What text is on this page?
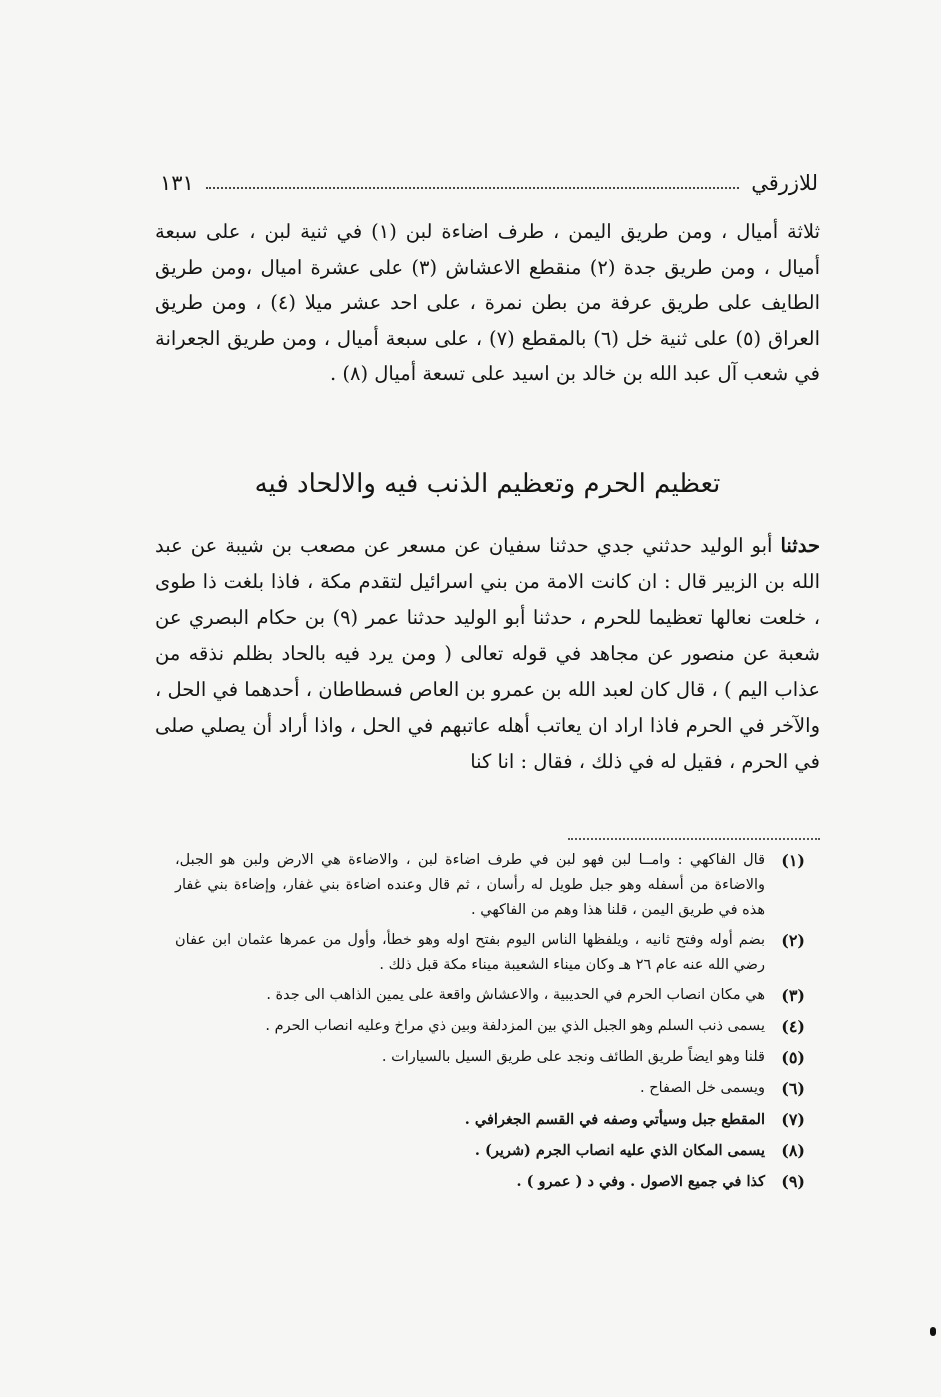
للازرقي
١٣١
ثلاثة أميال ، ومن طريق اليمن ، طرف اضاءة لبن (١) في ثنية لبن ، على سبعة أميال ، ومن طريق جدة (٢) منقطع الاعشاش (٣) على عشرة اميال ،ومن طريق الطايف على طريق عرفة من بطن نمرة ، على احد عشر ميلا (٤) ، ومن طريق العراق (٥) على ثنية خل (٦) بالمقطع (٧) ، على سبعة أميال ، ومن طريق الجعرانة في شعب آل عبد الله بن خالد بن اسيد على تسعة أميال (٨) .
تعظيم الحرم وتعظيم الذنب فيه والالحاد فيه
حدثنا أبو الوليد حدثني جدي حدثنا سفيان عن مسعر عن مصعب بن شيبة عن عبد الله بن الزبير قال : ان كانت الامة من بني اسرائيل لتقدم مكة ، فاذا بلغت ذا طوى ، خلعت نعالها تعظيما للحرم ، حدثنا أبو الوليد حدثنا عمر (٩) بن حكام البصري عن شعبة عن منصور عن مجاهد في قوله تعالى ( ومن يرد فيه بالحاد بظلم نذقه من عذاب اليم ) ، قال كان لعبد الله بن عمرو بن العاص فسطاطان ، أحدهما في الحل ، والآخر في الحرم فاذا اراد ان يعاتب أهله عاتبهم في الحل ، واذا أراد أن يصلي صلى في الحرم ، فقيل له في ذلك ، فقال : انا كنا
(١)
قال الفاكهي : وامــا لبن فهو لبن في طرف اضاءة لبن ، والاضاءة هي الارض ولبن هو الجبل، والاضاءة من أسفله وهو جبل طويل له رأسان ، ثم قال وعنده اضاءة بني غفار، وإضاءة بني غفار هذه في طريق اليمن ، قلنا هذا وهم من الفاكهي .
(٢)
بضم أوله وفتح ثانيه ، ويلفظها الناس اليوم بفتح اوله وهو خطأ، وأول من عمرها عثمان ابن عفان رضي الله عنه عام ٢٦ هـ وكان ميناء الشعيبة ميناء مكة قبل ذلك .
(٣)
هي مكان انصاب الحرم في الحديبية ، والاعشاش واقعة على يمين الذاهب الى جدة .
(٤)
يسمى ذنب السلم وهو الجبل الذي بين المزدلفة وبين ذي مراخ وعليه انصاب الحرم .
(٥)
قلنا وهو ايضاً طريق الطائف ونجد على طريق السيل بالسيارات .
(٦)
ويسمى خل الصفاح .
(٧)
المقطع جبل وسيأتي وصفه في القسم الجغرافي .
(٨)
يسمى المكان الذي عليه انصاب الجرم (شرير) .
(٩)
كذا في جميع الاصول . وفي د ( عمرو ) .
